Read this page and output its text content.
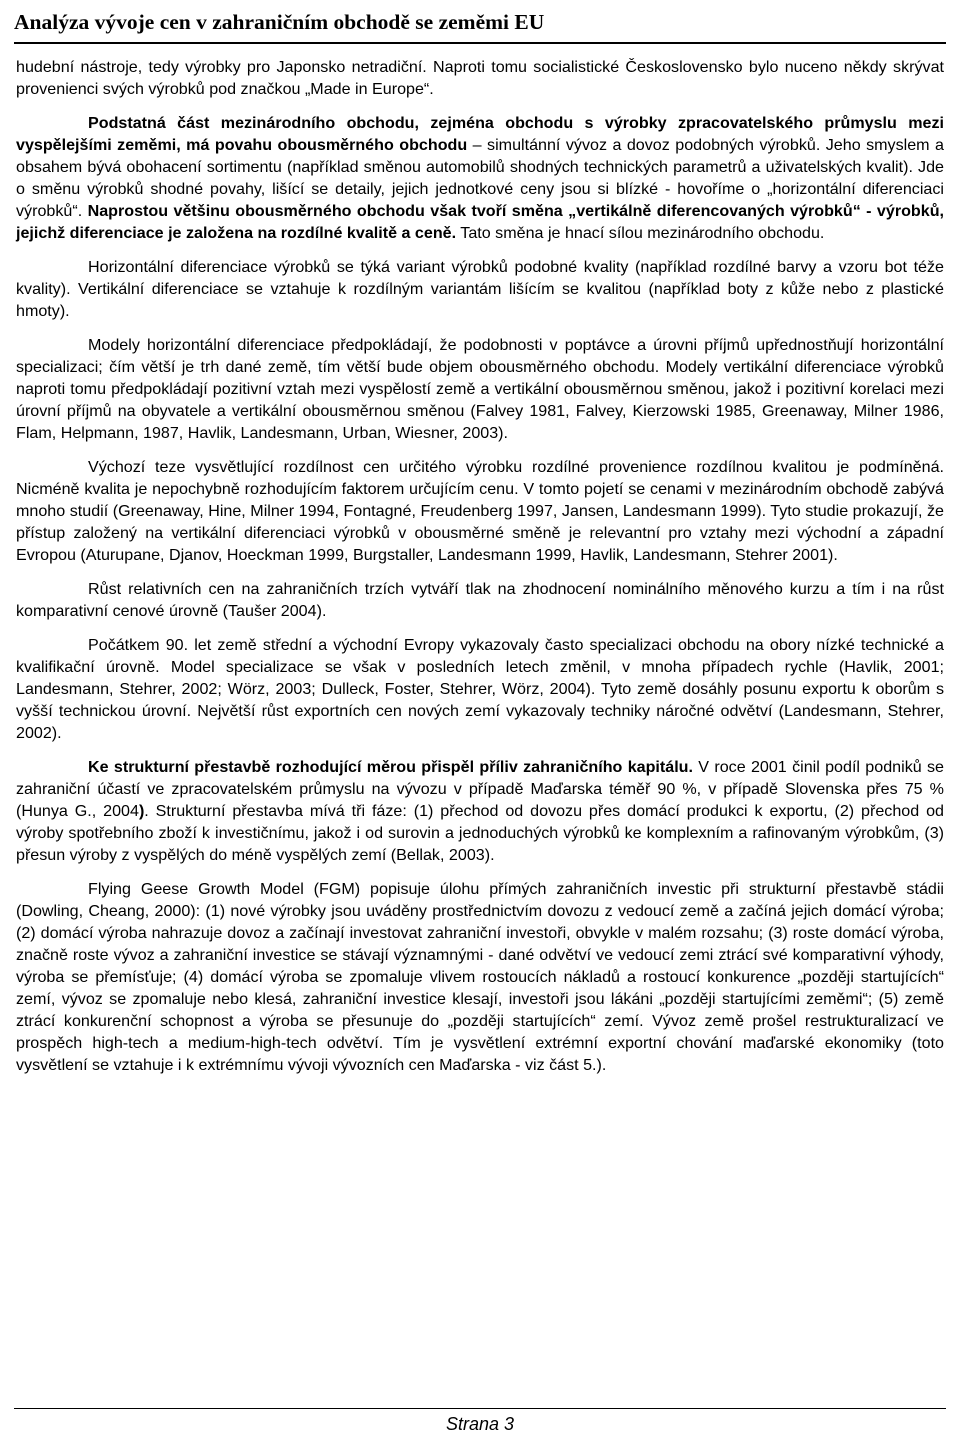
Analýza vývoje cen v zahraničním obchodě se zeměmi EU

hudební nástroje, tedy výrobky pro Japonsko netradiční. Naproti tomu socialistické Československo bylo nuceno někdy skrývat provenienci svých výrobků pod značkou „Made in Europe“.

Podstatná část mezinárodního obchodu, zejména obchodu s výrobky zpracovatelského průmyslu mezi vyspělejšími zeměmi, má povahu obousměrného obchodu – simultánní vývoz a dovoz podobných výrobků. Jeho smyslem a obsahem bývá obohacení sortimentu (například směnou automobilů shodných technických parametrů a uživatelských kvalit). Jde o směnu výrobků shodné povahy, lišící se detaily, jejich jednotkové ceny jsou si blízké - hovoříme o „horizontální diferenciaci výrobků“. Naprostou většinu obousměrného obchodu však tvoří směna „vertikálně diferencovaných výrobků“ - výrobků, jejichž diferenciace je založena na rozdílné kvalitě a ceně. Tato směna je hnací sílou mezinárodního obchodu.

Horizontální diferenciace výrobků se týká variant výrobků podobné kvality (například rozdílné barvy a vzoru bot téže kvality). Vertikální diferenciace se vztahuje k rozdílným variantám lišícím se kvalitou (například boty z kůže nebo z plastické hmoty).

Modely horizontální diferenciace předpokládají, že podobnosti v poptávce a úrovni příjmů upřednostňují horizontální specializaci; čím větší je trh dané země, tím větší bude objem obousměrného obchodu. Modely vertikální diferenciace výrobků naproti tomu předpokládají pozitivní vztah mezi vyspělostí země a vertikální obousměrnou směnou, jakož i pozitivní korelaci mezi úrovní příjmů na obyvatele a vertikální obousměrnou směnou (Falvey 1981, Falvey, Kierzowski 1985, Greenaway, Milner 1986, Flam, Helpmann, 1987, Havlik, Landesmann, Urban, Wiesner, 2003).

Výchozí teze vysvětlující rozdílnost cen určitého výrobku rozdílné provenience rozdílnou kvalitou je podmíněná. Nicméně kvalita je nepochybně rozhodujícím faktorem určujícím cenu. V tomto pojetí se cenami v mezinárodním obchodě zabývá mnoho studií (Greenaway, Hine, Milner 1994, Fontagné, Freudenberg 1997, Jansen, Landesmann 1999). Tyto studie prokazují, že přístup založený na vertikální diferenciaci výrobků v obousměrné směně je relevantní pro vztahy mezi východní a západní Evropou (Aturupane, Djanov, Hoeckman 1999, Burgstaller, Landesmann 1999, Havlik, Landesmann, Stehrer 2001).

Růst relativních cen na zahraničních trzích vytváří tlak na zhodnocení nominálního měnového kurzu a tím i na růst komparativní cenové úrovně (Taušer 2004).

Počátkem 90. let země střední a východní Evropy vykazovaly často specializaci obchodu na obory nízké technické a kvalifikační úrovně. Model specializace se však v posledních letech změnil, v mnoha případech rychle (Havlik, 2001; Landesmann, Stehrer, 2002; Wörz, 2003; Dulleck, Foster, Stehrer, Wörz, 2004). Tyto země dosáhly posunu exportu k oborům s vyšší technickou úrovní. Největší růst exportních cen nových zemí vykazovaly techniky náročné odvětví (Landesmann, Stehrer, 2002).

Ke strukturní přestavbě rozhodující měrou přispěl příliv zahraničního kapitálu. V roce 2001 činil podíl podniků se zahraniční účastí ve zpracovatelském průmyslu na vývozu v případě Maďarska téměř 90 %, v případě Slovenska přes 75 % (Hunya G., 2004). Strukturní přestavba mívá tři fáze: (1) přechod od dovozu přes domácí produkci k exportu, (2) přechod od výroby spotřebního zboží k investičnímu, jakož i od surovin a jednoduchých výrobků ke komplexním a rafinovaným výrobkům, (3) přesun výroby z vyspělých do méně vyspělých zemí (Bellak, 2003).

Flying Geese Growth Model (FGM) popisuje úlohu přímých zahraničních investic při strukturní přestavbě stádii (Dowling, Cheang, 2000): (1) nové výrobky jsou uváděny prostřednictvím dovozu z vedoucí země a začíná jejich domácí výroba; (2) domácí výroba nahrazuje dovoz a začínají investovat zahraniční investoři, obvykle v malém rozsahu; (3) roste domácí výroba, značně roste vývoz a zahraniční investice se stávají významnými - dané odvětví ve vedoucí zemi ztrácí své komparativní výhody, výroba se přemísťuje; (4) domácí výroba se zpomaluje vlivem rostoucích nákladů a rostoucí konkurence „později startujících“ zemí, vývoz se zpomaluje nebo klesá, zahraniční investice klesají, investoři jsou lákáni „později startujícími zeměmi“; (5) země ztrácí konkurenční schopnost a výroba se přesunuje do „později startujících“ zemí. Vývoz země prošel restrukturalizací ve prospěch high-tech a medium-high-tech odvětví. Tím je vysvětlení extrémní exportní chování maďarské ekonomiky (toto vysvětlení se vztahuje i k extrémnímu vývoji vývozních cen Maďarska - viz část 5.).

Strana 3
